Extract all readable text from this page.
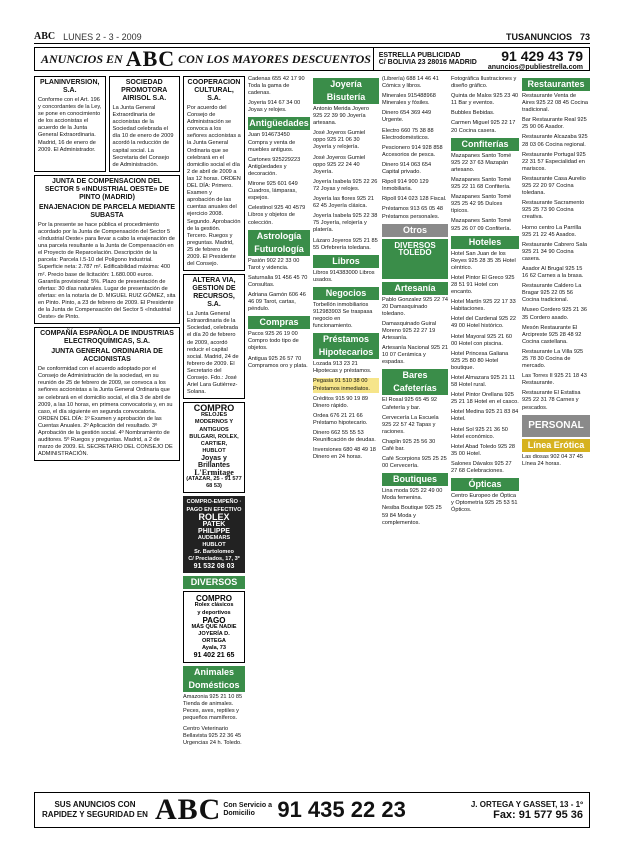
ABC LUNES 2 - 3 - 2009	TUSANUNCIOS 73
ANUNCIOS EN ABC CON LOS MAYORES DESCUENTOS ESTRELLA PUBLICIDAD
C/ BOLIVIA 23 28016 MADRID	91 429 43 79
anuncios@publiestrella.com
PLANINVERSION, S.A.

Conforme con el Art. 196 y concordantes de la Ley, se pone en conocimiento de los accionistas el acuerdo de la Junta General Extraordinaria. Madrid, 16 de enero de 2009. El Administrador.

SOCIEDAD PROMOTORA AIRISOL S.A.

La Junta General Extraordinaria de accionistas de la Sociedad celebrada el día 10 de enero de 2009 acordó la reducción de capital social. La Secretaria del Consejo de Administración.

JUNTA DE COMPENSACION DEL SECTOR 5 «INDUSTRIAL OESTE» DE PINTO (MADRID)
ENAJENACION DE PARCELA MEDIANTE SUBASTA

Por la presente se hace pública el procedimiento acordado por la Junta de Compensación del Sector 5 «Industrial Oeste» para llevar a cabo la enajenación de una parcela resultante a la Junta de Compensación en el Proyecto de Reparcelación. Descripción de la parcela: Parcela I.5-10 del Polígono Industrial. Superficie neta: 2.787 m². Edificabilidad máxima: 400 m². Precio base de licitación: 1.680.000 euros. Garantía provisional: 5%. Plazo de presentación de ofertas: 30 días naturales. Lugar de presentación de ofertas: en la notaría de D. MIGUEL RUIZ GÓMEZ, sita en Pinto. Pinto, a 23 de febrero de 2009. El Presidente de la Junta de Compensación del Sector 5 «Industrial Oeste» de Pinto.

COMPAÑÍA ESPAÑOLA DE INDUSTRIAS ELECTROQUÍMICAS, S.A.
JUNTA GENERAL ORDINARIA DE ACCIONISTAS

De conformidad con el acuerdo adoptado por el Consejo de Administración de la sociedad, en su reunión de 25 de febrero de 2009, se convoca a los señores accionistas a la Junta General Ordinaria que se celebrará en el domicilio social, el día 3 de abril de 2009, a las 10 horas, en primera convocatoria y, en su caso, el día siguiente en segunda convocatoria. ORDEN DEL DÍA: 1º Examen y aprobación de las Cuentas Anuales. 2º Aplicación del resultado. 3º Aprobación de la gestión social. 4º Nombramiento de auditores. 5º Ruegos y preguntas. Madrid, a 2 de marzo de 2009. EL SECRETARIO DEL CONSEJO DE ADMINISTRACIÓN.

COOPERACION CULTURAL, S.A.

Por acuerdo del Consejo de Administración se convoca a los señores accionistas a la Junta General Ordinaria que se celebrará en el domicilio social el día 2 de abril de 2009 a las 12 horas. ORDEN DEL DÍA: Primero. Examen y aprobación de las cuentas anuales del ejercicio 2008. Segundo. Aprobación de la gestión. Tercero. Ruegos y preguntas. Madrid, 25 de febrero de 2009. El Presidente del Consejo.

ALTERA VIA, GESTION DE RECURSOS, S.A.

La Junta General Extraordinaria de la Sociedad, celebrada el día 20 de febrero de 2009, acordó reducir el capital social. Madrid, 24 de febrero de 2009. El Secretario del Consejo. Fdo.: José Ariel Lara Gutiérrez-Solana.

COMPRO
RELOJES MODERNOS Y ANTIGUOS
BULGARI, ROLEX, CARTIER,
HUBLOT
Joyas y Brillantes
L'Ermitage
(ATAZAR, 25 - 91 577 68 53)
COMPRO-EMPEÑO · PAGO EN EFECTIVO
ROLEX
PATEK PHILIPPE
AUDEMARS
HUBLOT
Sr. Bartolomeo
C/ Preciados, 17, 3º
91 532 08 03
DIVERSOS
COMPRO
Rolex clásicos
y deportivos
PAGO
MÁS QUE NADIE
JOYERÍA D. ORTEGA
Ayala, 73
91 402 21 65
Animales Domésticos
Amazonia 925 21 10 85 Tienda de animales. Peces, aves, reptiles y pequeños mamíferos.
Centro Veterinario Bellavista 925 22 36 45 Urgencias 24 h. Toledo.
Cadenas 655 42 17 90 Toda la gama de cadenas.
Joyeria 914 67 34 00 Joyas y relojes.
Antigüedades
Juan 914673450 Compra y venta de muebles antiguos.
Cartones 925229223 Antigüedades y decoración.
Mirone 925 601 649 Cuadros, lámparas, espejos.
Celestinol 925 40 4579 Libros y objetos de colección.
Astrología Futurología
Pasión 902 22 33 00 Tarot y videncia.
Saturnalia 91 456 45 70 Consultas.
Adriana Gamón 606 46 46 09 Tarot, cartas, péndulo.
Compras
Pacos 925 26 19 00 Compro todo tipo de objetos.
Antigua 925 26 57 70 Compramos oro y plata.
Joyería Bisutería
Antonio Merida Joyero 925 22 39 90 Joyería artesana.
José Joyeros Gumiel oppo 925 21 06 30 Joyería y relojería.
José Joyeros Gumiel oppo 925 22 24 40 Joyería.
Joyería Isabela 925 22 26 72 Joyas y relojes.
Joyería las flores 925 21 62 45 Joyería clásica.
Joyería Isabela 925 22 38 75 Joyería, relojería y platería.
Lázaro Joyeros 925 21 85 55 Orfebrería toledana.
Libros
Libros 914383000 Libros usados.
Negocios
Torbellón inmobiliarios 912983903 Se traspasa negocio en funcionamiento.
Préstamos Hipotecarios
Lozada 913 23 21 Hipotecas y préstamos.
Pegasia 91 510 38 00 Préstamos inmediatos.
Créditos 915 90 19 89 Dinero rápido.
Ordea 676 21 21 66 Préstamo hipotecario.
Dinero 662 55 55 53 Reunificación de deudas.
Inversiones 680 48 49 18 Dinero en 24 horas.
(Librería) 688 14 46 41 Cómics y libros.
Minerales 915488968 Minerales y fósiles.
Dinero 654 369 449 Urgente.
Electro 660 75 38 88 Electrodomésticos.
Pescionero 914 928 858 Accesorios de pesca.
Dinero 914 063 654 Capital privado.
Ripoll 914 900 129 Inmobiliaria.
Ripoll 914 023 128 Fiscal.
Préstamos 913 65 05 48 Préstamos personales.
Otros
DIVERSOS TOLEDO
Artesanía
Pablo Gonzalez 925 22 74 20 Damasquinado toledano.
Damasquinado Guiral Moreno 925 22 27 19 Artesanía.
Artesanía Nacional 925 21 10 07 Cerámica y espadas.
Bares Cafeterías
El Rosal 925 65 45 92 Cafetería y bar.
Cervecería La Escuela 925 22 57 42 Tapas y raciones.
Chaplin 925 25 56 30 Café bar.
Café Scorpions 925 25 25 00 Cervecería.
Boutiques
Lina moda 925 22 49 00 Moda femenina.
Nesiba Boutique 925 25 59 84 Moda y complementos.
Fotográfica Ilustraciones y diseño gráfico.
Quinta de Malos 925 23 40 11 Bar y eventos.
Bubbles Bebidas.
Carmen Miguel 925 22 17 20 Cocina casera.
Confiterías
Mazapanes Santo Tomé 925 22 37 63 Mazapán artesano.
Mazapanes Santo Tomé 925 22 11 68 Confitería.
Mazapanes Santo Tomé 925 25 42 95 Dulces típicos.
Mazapanes Santo Tomé 925 26 07 09 Confitería.
Hoteles
Hotel San Juan de los Reyes 925 28 35 35 Hotel céntrico.
Hotel Pintor El Greco 925 28 51 91 Hotel con encanto.
Hotel Martín 925 22 17 33 Habitaciones.
Hotel del Cardenal 925 22 49 00 Hotel histórico.
Hotel Mayoral 925 21 60 00 Hotel con piscina.
Hotel Princesa Galiana 925 25 80 80 Hotel boutique.
Hotel Almazara 925 21 11 58 Hotel rural.
Hotel Pintor Orellana 925 25 21 18 Hotel en el casco.
Hotel Medina 925 21 83 84 Hotel.
Hotel Sol 925 21 36 50 Hotel económico.
Hotel Abad Toledo 925 28 35 00 Hotel.
Salones Dávalos 925 27 27 68 Celebraciones.
Ópticas
Centro Europeo de Óptica y Optometría 925 25 53 51 Ópticos.
Restaurantes
Restaurante Venta de Aires 925 22 08 45 Cocina tradicional.
Bar Restaurante Real 925 25 90 06 Asador.
Restaurante Alcazaba 925 28 03 06 Cocina regional.
Restaurante Portugal 925 22 31 57 Especialidad en mariscos.
Restaurante Casa Aurelio 925 22 20 97 Cocina toledana.
Restaurante Sacramento 925 25 73 90 Cocina creativa.
Horno centro La Parrilla 925 21 22 45 Asados.
Restaurante Cabrero Sala 925 21 34 90 Cocina casera.
Asador Al Brugal 925 15 16 62 Carnes a la brasa.
Restaurante Caldero La Bragar 925 22 05 56 Cocina tradicional.
Museo Cordero 925 21 36 35 Cordero asado.
Mesón Restaurante El Arcipreste 925 28 48 92 Cocina castellana.
Restaurante La Villa 925 25 78 30 Cocina de mercado.
Las Torres II 925 21 18 43 Restaurante.
Restaurante El Estatisa 925 22 31 78 Carnes y pescados.
PERSONAL
Línea Erótica
Las diosas 902 04 37 45 Línea 24 horas.
SUS ANUNCIOS CON RAPIDEZ Y SEGURIDAD EN ABC Con Servicio a Domicilio	91 435 22 23	J. ORTEGA Y GASSET, 13 - 1º
Fax: 91 577 95 36
